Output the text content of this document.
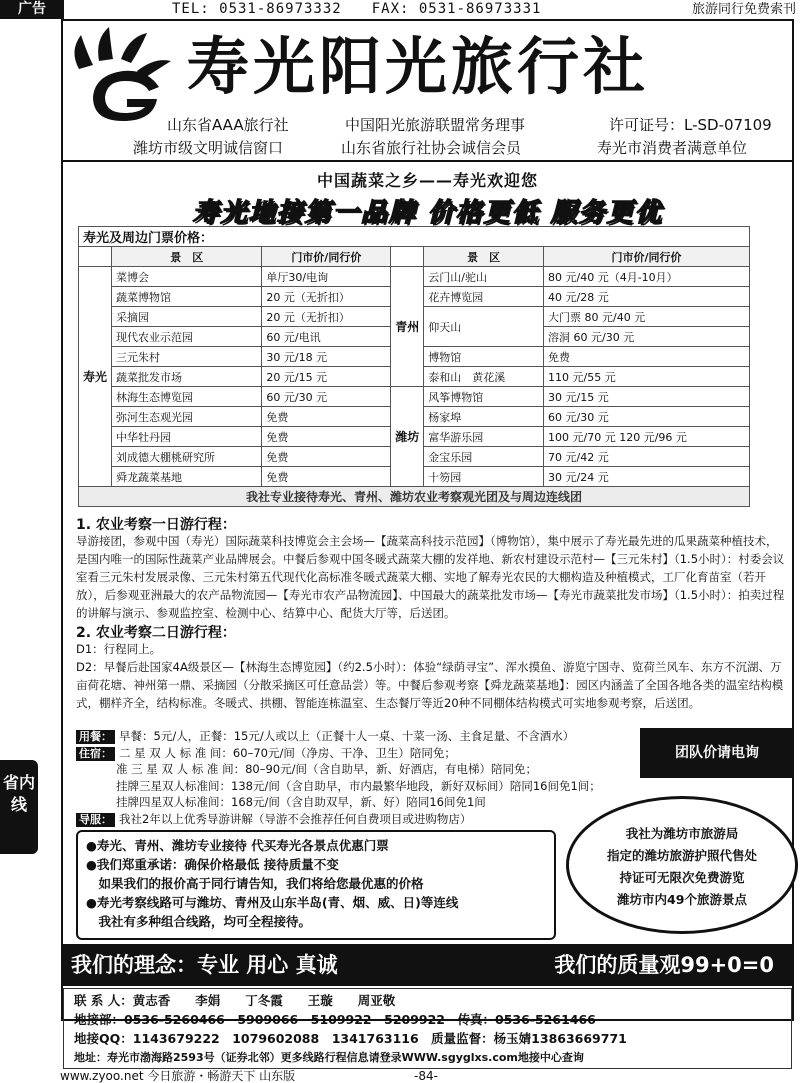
广告	TEL: 0531-86973332 FAX: 0531-86973331	旅游同行免费索刊
寿光阳光旅行社
山东省AAA旅行社	中国阳光旅游联盟常务理事	许可证号：L-SD-07109
潍坊市级文明诚信窗口	山东省旅行社协会诚信会员	寿光市消费者满意单位
中国蔬菜之乡——寿光欢迎您
寿光地接第一品牌 价格更低 服务更优
寿光及周边门票价格：					
	景　区	门市价/同行价		景　区	门市价/同行价
寿光	菜博会	单厅30/电询	青州	云门山/驼山	80 元/40 元（4月-10月）
	蔬菜博物馆	20 元（无折扣）		花卉博览园	40 元/28 元
	采摘园	20 元（无折扣）		仰天山	大门票 80 元/40 元
	现代农业示范园	60 元/电讯			溶洞 60 元/30 元
	三元朱村	30 元/18 元		博物馆	免费
	蔬菜批发市场	20 元/15 元		泰和山　黄花溪	110 元/55 元
	林海生态博览园	60 元/30 元	潍坊	风筝博物馆	30 元/15 元
	弥河生态观光园	免费		杨家埠	60 元/30 元
	中华牡丹园	免费		富华游乐园	100 元/70 元 120 元/96 元
	刘成德大棚桃研究所	免费		金宝乐园	70 元/42 元
	舜龙蔬菜基地	免费		十笏园	30 元/24 元
我社专业接待寿光、青州、潍坊农业考察观光团及与周边连线团					
1. 农业考察一日游行程：

导游接团，参观中国（寿光）国际蔬菜科技博览会主会场—【蔬菜高科技示范园】（博物馆），集中展示了寿光最先进的瓜果蔬菜种植技术，是国内唯一的国际性蔬菜产业品牌展会。中餐后参观中国冬暖式蔬菜大棚的发祥地、新农村建设示范村—【三元朱村】（1.5小时）：村委会议室看三元朱村发展录像、三元朱村第五代现代化高标准冬暖式蔬菜大棚、实地了解寿光农民的大棚构造及种植模式，工厂化育苗室（若开放），后参观亚洲最大的农产品物流园—【寿光市农产品物流园】、中国最大的蔬菜批发市场—【寿光市蔬菜批发市场】（1.5小时）：拍卖过程的讲解与演示、参观监控室、检测中心、结算中心、配货大厅等，后送团。

2. 农业考察二日游行程：

D1：行程同上。

D2：早餐后赴国家4A级景区—【林海生态博览园】（约2.5小时）：体验“绿荫寻宝”、浑水摸鱼、游览宁国寺、览荷兰风车、东方不沉湖、万亩荷花塘、神州第一鼎、采摘园（分散采摘区可任意品尝）等。中餐后参观考察【舜龙蔬菜基地】：园区内涵盖了全国各地各类的温室结构模式，棚样齐全，结构标准。冬暖式、拱棚、智能连栋温室、生态餐厅等近20种不同棚体结构模式可实地参观考察，后送团。

用餐： 早餐：5元/人，正餐：15元/人或以上（正餐十人一桌、十菜一汤、主食足量、不含酒水）
住宿： 二 星 双 人 标 准 间：60–70元/间（净房、干净、卫生）陪同免；
准 三 星 双 人 标 准 间：80–90元/间（含自助早，新、好酒店，有电梯）陪同免；
挂牌三星双人标准间：138元/间（含自助早，市内最繁华地段，新好双标间）陪同16间免1间；
挂牌四星双人标准间：168元/间（含自助双早，新、好）陪同16间免1间
导服： 我社2年以上优秀导游讲解（导游不会推荐任何自费项目或进购物店）
团队价请电询
●寿光、青州、潍坊专业接待 代买寿光各景点优惠门票
●我们郑重承诺：确保价格最低 接待质量不变
　如果我们的报价高于同行请告知，我们将给您最优惠的价格
●寿光考察线路可与潍坊、青州及山东半岛(青、烟、威、日)等连线
　我社有多种组合线路，均可全程接待。
我社为潍坊市旅游局
指定的潍坊旅游护照代售处
持证可无限次免费游览
潍坊市内49个旅游景点
我们的理念：专业 用心 真诚	我们的质量观99+0=0
联 系 人：黄志香　　李娟　　丁冬霞　　王璇　　周亚敬
地接部：0536-5260466　5909066　5109922　5209922　传真：0536-5261466
地接QQ：1143679222　1079602088　1341763116　质量监督：杨玉婧13863669771
地址：寿光市渤海路2593号（证券北邻）更多线路行程信息请登录WWW.sgyglxs.com地接中心查询
www.zyoo.net 今日旅游・畅游天下 山东版	-84-
省内线
